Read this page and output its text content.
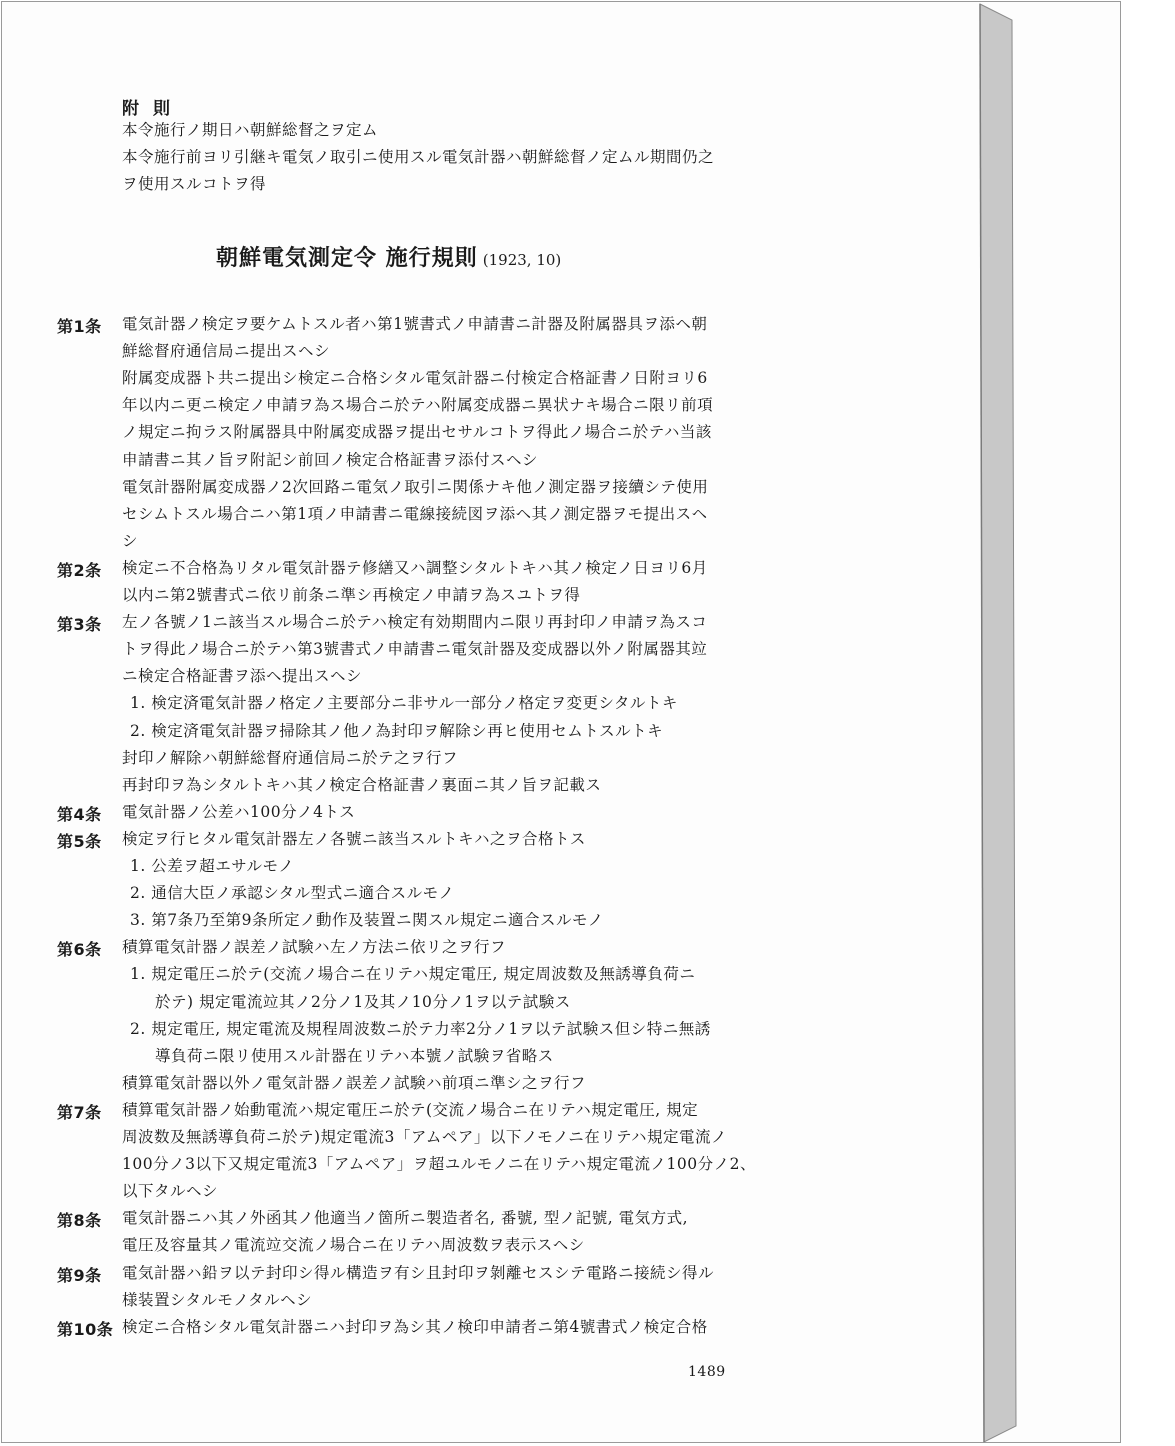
附則
本令施行ノ期日ハ朝鮮総督之ヲ定ム
本令施行前ヨリ引継キ電気ノ取引ニ使用スル電気計器ハ朝鮮総督ノ定ムル期間仍之
ヲ使用スルコトヲ得
朝鮮電気測定令 施行規則 (1923, 10)
第1条 電気計器ノ検定ヲ要ケムトスル者ハ第1號書式ノ申請書ニ計器及附属器具ヲ添ヘ朝
鮮総督府通信局ニ提出スヘシ
附属変成器ト共ニ提出シ検定ニ合格シタル電気計器ニ付検定合格証書ノ日附ヨリ6
年以内ニ更ニ検定ノ申請ヲ為ス場合ニ於テハ附属変成器ニ異状ナキ場合ニ限リ前項
ノ規定ニ拘ラス附属器具中附属変成器ヲ提出セサルコトヲ得此ノ場合ニ於テハ当該
申請書ニ其ノ旨ヲ附記シ前回ノ検定合格証書ヲ添付スヘシ
電気計器附属変成器ノ2次回路ニ電気ノ取引ニ関係ナキ他ノ測定器ヲ接續シテ使用
セシムトスル場合ニハ第1項ノ申請書ニ電線接続図ヲ添ヘ其ノ測定器ヲモ提出スヘ
シ
第2条 検定ニ不合格為リタル電気計器テ修繕又ハ調整シタルトキハ其ノ検定ノ日ヨリ6月
以内ニ第2號書式ニ依リ前条ニ準シ再検定ノ申請ヲ為スユトヲ得
第3条 左ノ各號ノ1ニ該当スル場合ニ於テハ検定有効期間内ニ限リ再封印ノ申請ヲ為スコ
トヲ得此ノ場合ニ於テハ第3號書式ノ申請書ニ電気計器及変成器以外ノ附属器其竝
ニ検定合格証書ヲ添ヘ提出スヘシ
1. 検定済電気計器ノ格定ノ主要部分ニ非サル一部分ノ格定ヲ変更シタルトキ
2. 検定済電気計器ヲ掃除其ノ他ノ為封印ヲ解除シ再ヒ使用セムトスルトキ
封印ノ解除ハ朝鮮総督府通信局ニ於テ之ヲ行フ
再封印ヲ為シタルトキハ其ノ検定合格証書ノ裏面ニ其ノ旨ヲ記載ス
第4条 電気計器ノ公差ハ100分ノ4トス
第5条 検定ヲ行ヒタル電気計器左ノ各號ニ該当スルトキハ之ヲ合格トス
1. 公差ヲ超エサルモノ
2. 通信大臣ノ承認シタル型式ニ適合スルモノ
3. 第7条乃至第9条所定ノ動作及装置ニ関スル規定ニ適合スルモノ
第6条 積算電気計器ノ誤差ノ試験ハ左ノ方法ニ依リ之ヲ行フ
1. 規定電圧ニ於テ(交流ノ場合ニ在リテハ規定電圧, 規定周波数及無誘導負荷ニ
於テ) 規定電流竝其ノ2分ノ1及其ノ10分ノ1ヲ以テ試験ス
2. 規定電圧, 規定電流及規程周波数ニ於テ力率2分ノ1ヲ以テ試験ス但シ特ニ無誘
導負荷ニ限リ使用スル計器在リテハ本號ノ試験ヲ省略ス
積算電気計器以外ノ電気計器ノ誤差ノ試験ハ前項ニ準シ之ヲ行フ
第7条 積算電気計器ノ始動電流ハ規定電圧ニ於テ(交流ノ場合ニ在リテハ規定電圧, 規定
周波数及無誘導負荷ニ於テ)規定電流3「アムペア」以下ノモノニ在リテハ規定電流ノ
100分ノ3以下又規定電流3「アムペア」ヲ超ユルモノニ在リテハ規定電流ノ100分ノ2、
以下タルヘシ
第8条 電気計器ニハ其ノ外函其ノ他適当ノ箇所ニ製造者名, 番號, 型ノ記號, 電気方式,
電圧及容量其ノ電流竝交流ノ場合ニ在リテハ周波数ヲ表示スヘシ
第9条 電気計器ハ鉛ヲ以テ封印シ得ル構造ヲ有シ且封印ヲ剝離セスシテ電路ニ接続シ得ル
様装置シタルモノタルヘシ
第10条 検定ニ合格シタル電気計器ニハ封印ヲ為シ其ノ検印申請者ニ第4號書式ノ検定合格
1489
